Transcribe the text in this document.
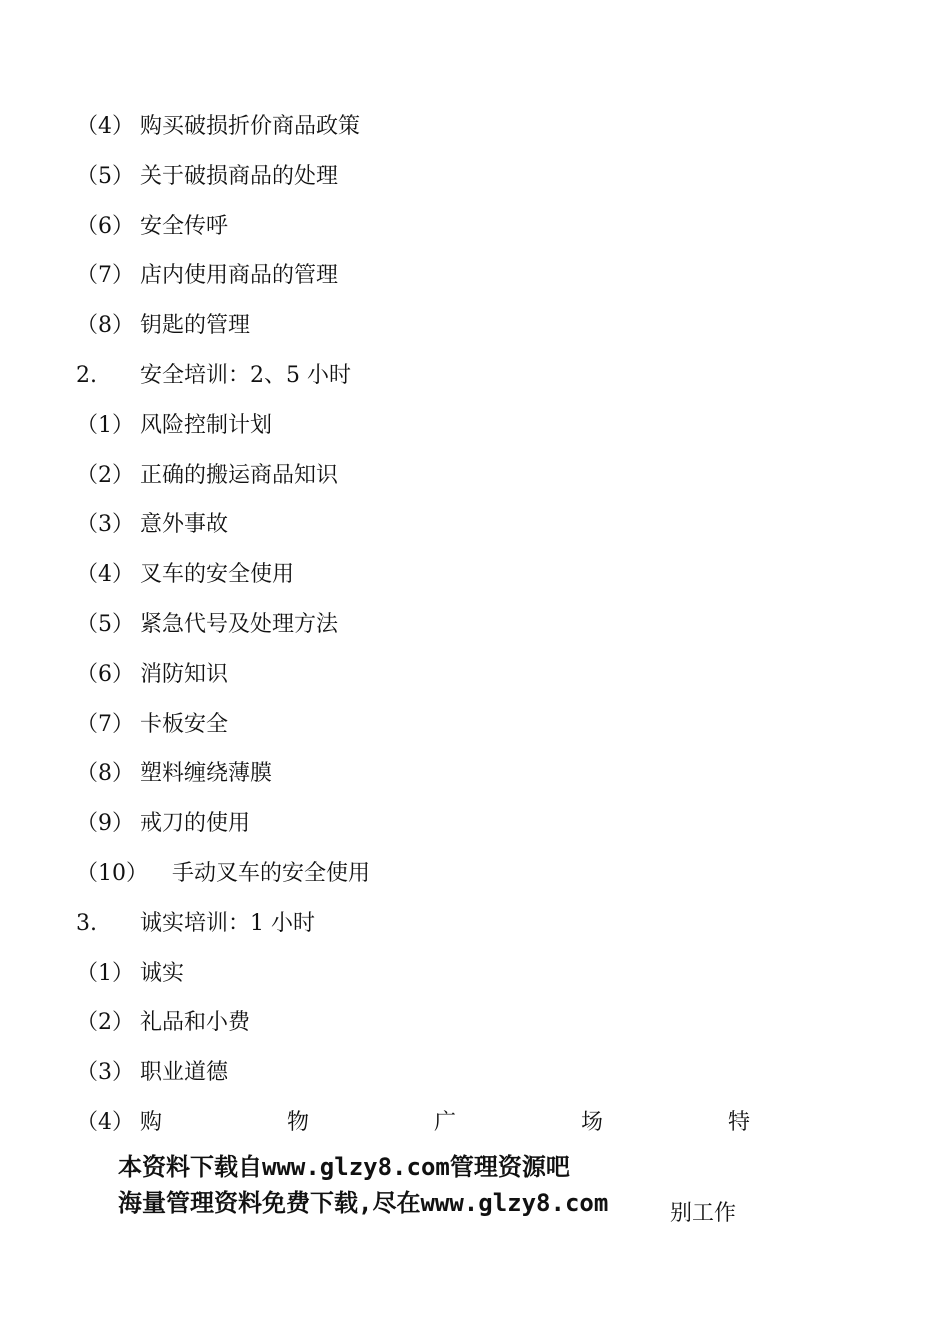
（4） 购买破损折价商品政策
（5） 关于破损商品的处理
（6） 安全传呼
（7） 店内使用商品的管理
（8） 钥匙的管理
2. 安全培训：2、5 小时
（1） 风险控制计划
（2） 正确的搬运商品知识
（3） 意外事故
（4） 叉车的安全使用
（5） 紧急代号及处理方法
（6） 消防知识
（7） 卡板安全
（8） 塑料缠绕薄膜
（9） 戒刀的使用
（10） 手动叉车的安全使用
3. 诚实培训：1 小时
（1） 诚实
（2） 礼品和小费
（3） 职业道德
（4） 购	物	广	场	特
本资料下载自www.glzy8.com管理资源吧
海量管理资料免费下载,尽在www.glzy8.com	别工作
